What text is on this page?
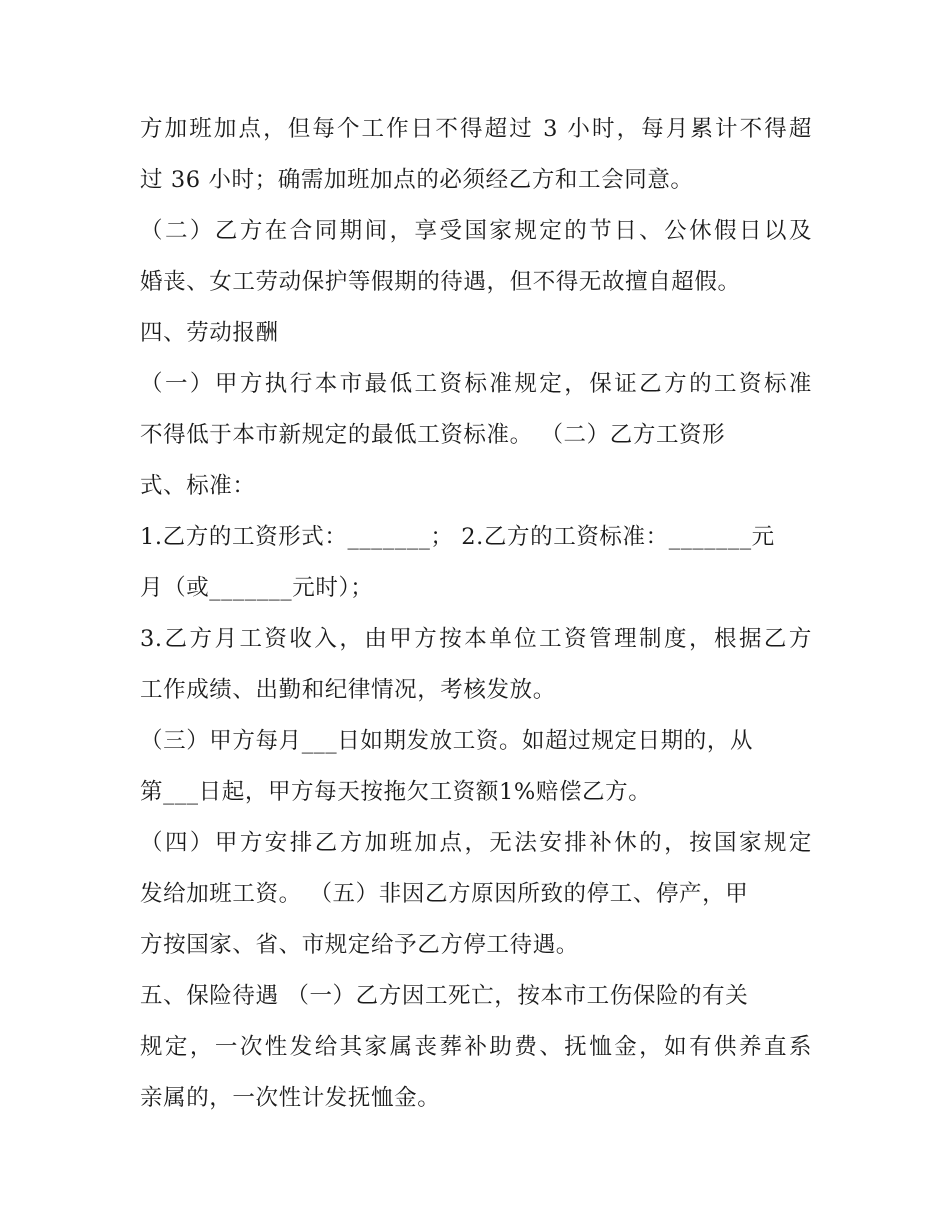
方加班加点，但每个工作日不得超过 3 小时，每月累计不得超
过 36 小时；确需加班加点的必须经乙方和工会同意。
（二）乙方在合同期间，享受国家规定的节日、公休假日以及
婚丧、女工劳动保护等假期的待遇，但不得无故擅自超假。
四、劳动报酬
（一）甲方执行本市最低工资标准规定，保证乙方的工资标准
不得低于本市新规定的最低工资标准。 （二）乙方工资形
式、标准：
1.乙方的工资形式：_______； 2.乙方的工资标准：_______元
月（或_______元时）；
3.乙方月工资收入，由甲方按本单位工资管理制度，根据乙方
工作成绩、出勤和纪律情况，考核发放。
（三）甲方每月___日如期发放工资。如超过规定日期的，从
第___日起，甲方每天按拖欠工资额1%赔偿乙方。
（四）甲方安排乙方加班加点，无法安排补休的，按国家规定
发给加班工资。 （五）非因乙方原因所致的停工、停产，甲
方按国家、省、市规定给予乙方停工待遇。
五、保险待遇 （一）乙方因工死亡，按本市工伤保险的有关
规定，一次性发给其家属丧葬补助费、抚恤金，如有供养直系
亲属的，一次性计发抚恤金。
